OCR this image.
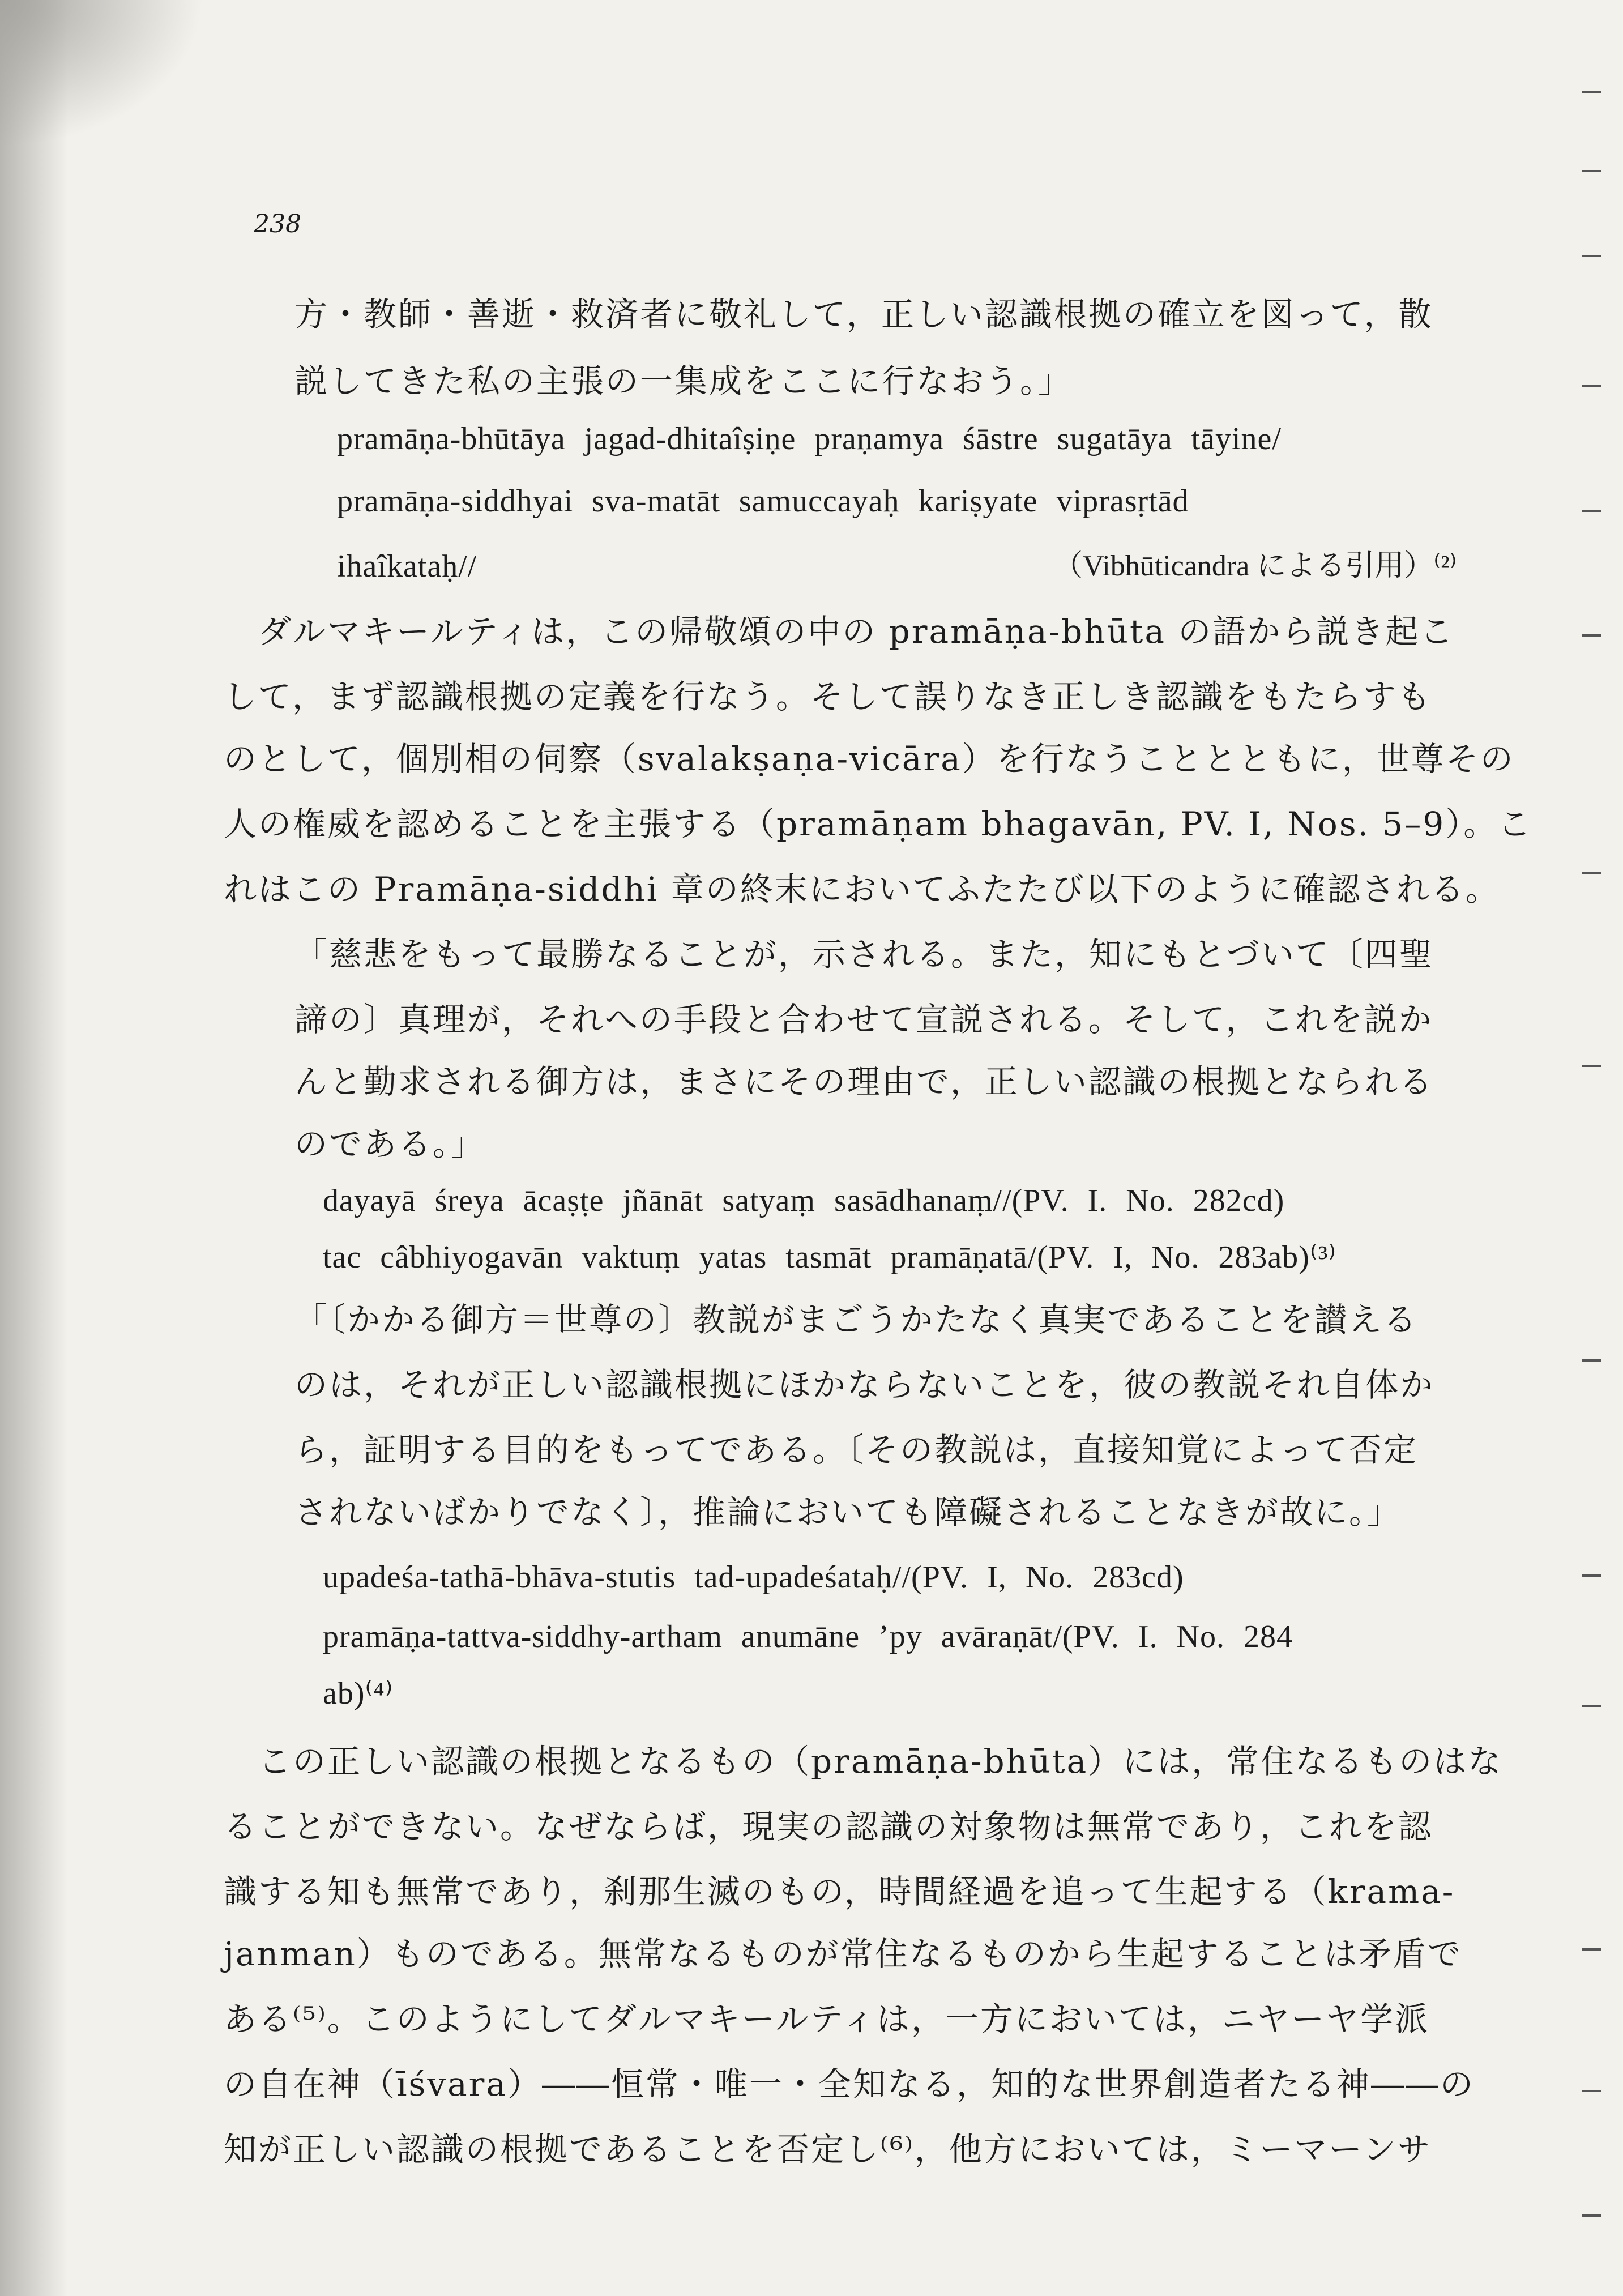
238
方・教師・善逝・救済者に敬礼して，正しい認識根拠の確立を図って，散
説してきた私の主張の一集成をここに行なおう。」
pramāṇa-bhūtāya jagad-dhitaîṣiṇe praṇamya śāstre sugatāya tāyine/
pramāṇa-siddhyai sva-matāt samuccayaḥ kariṣyate viprasṛtād
ihaîkataḥ//
　ダルマキールティは，この帰敬頌の中の pramāṇa-bhūta の語から説き起こ
して，まず認識根拠の定義を行なう。そして誤りなき正しき認識をもたらすも
のとして，個別相の伺察（svalakṣaṇa-vicāra）を行なうこととともに，世尊その
人の権威を認めることを主張する（pramāṇam bhagavān, PV. I, Nos. 5–9）。こ
れはこの Pramāṇa-siddhi 章の終末においてふたたび以下のように確認される。
「慈悲をもって最勝なることが，示される。また，知にもとづいて〔四聖
諦の〕真理が，それへの手段と合わせて宣説される。そして，これを説か
んと勤求される御方は，まさにその理由で，正しい認識の根拠となられる
のである。」
dayayā śreya ācaṣṭe jñānāt satyaṃ sasādhanaṃ//(PV. I. No. 282cd)
tac câbhiyogavān vaktuṃ yatas tasmāt pramāṇatā/(PV. I, No. 283ab)⁽³⁾
「〔かかる御方＝世尊の〕教説がまごうかたなく真実であることを讃える
のは，それが正しい認識根拠にほかならないことを，彼の教説それ自体か
ら，証明する目的をもってである。〔その教説は，直接知覚によって否定
されないばかりでなく〕，推論においても障礙されることなきが故に。」
upadeśa-tathā-bhāva-stutis tad-upadeśataḥ//(PV. I, No. 283cd)
pramāṇa-tattva-siddhy-artham anumāne ’py avāraṇāt/(PV. I. No. 284
ab)⁽⁴⁾
　この正しい認識の根拠となるもの（pramāṇa-bhūta）には，常住なるものはな
ることができない。なぜならば，現実の認識の対象物は無常であり，これを認
識する知も無常であり，刹那生滅のもの，時間経過を追って生起する（krama-
janman）ものである。無常なるものが常住なるものから生起することは矛盾で
ある⁽⁵⁾。このようにしてダルマキールティは，一方においては，ニヤーヤ学派
の自在神（īśvara）――恒常・唯一・全知なる，知的な世界創造者たる神――の
知が正しい認識の根拠であることを否定し⁽⁶⁾，他方においては，ミーマーンサ
（Vibhūticandra による引用）⁽²⁾
